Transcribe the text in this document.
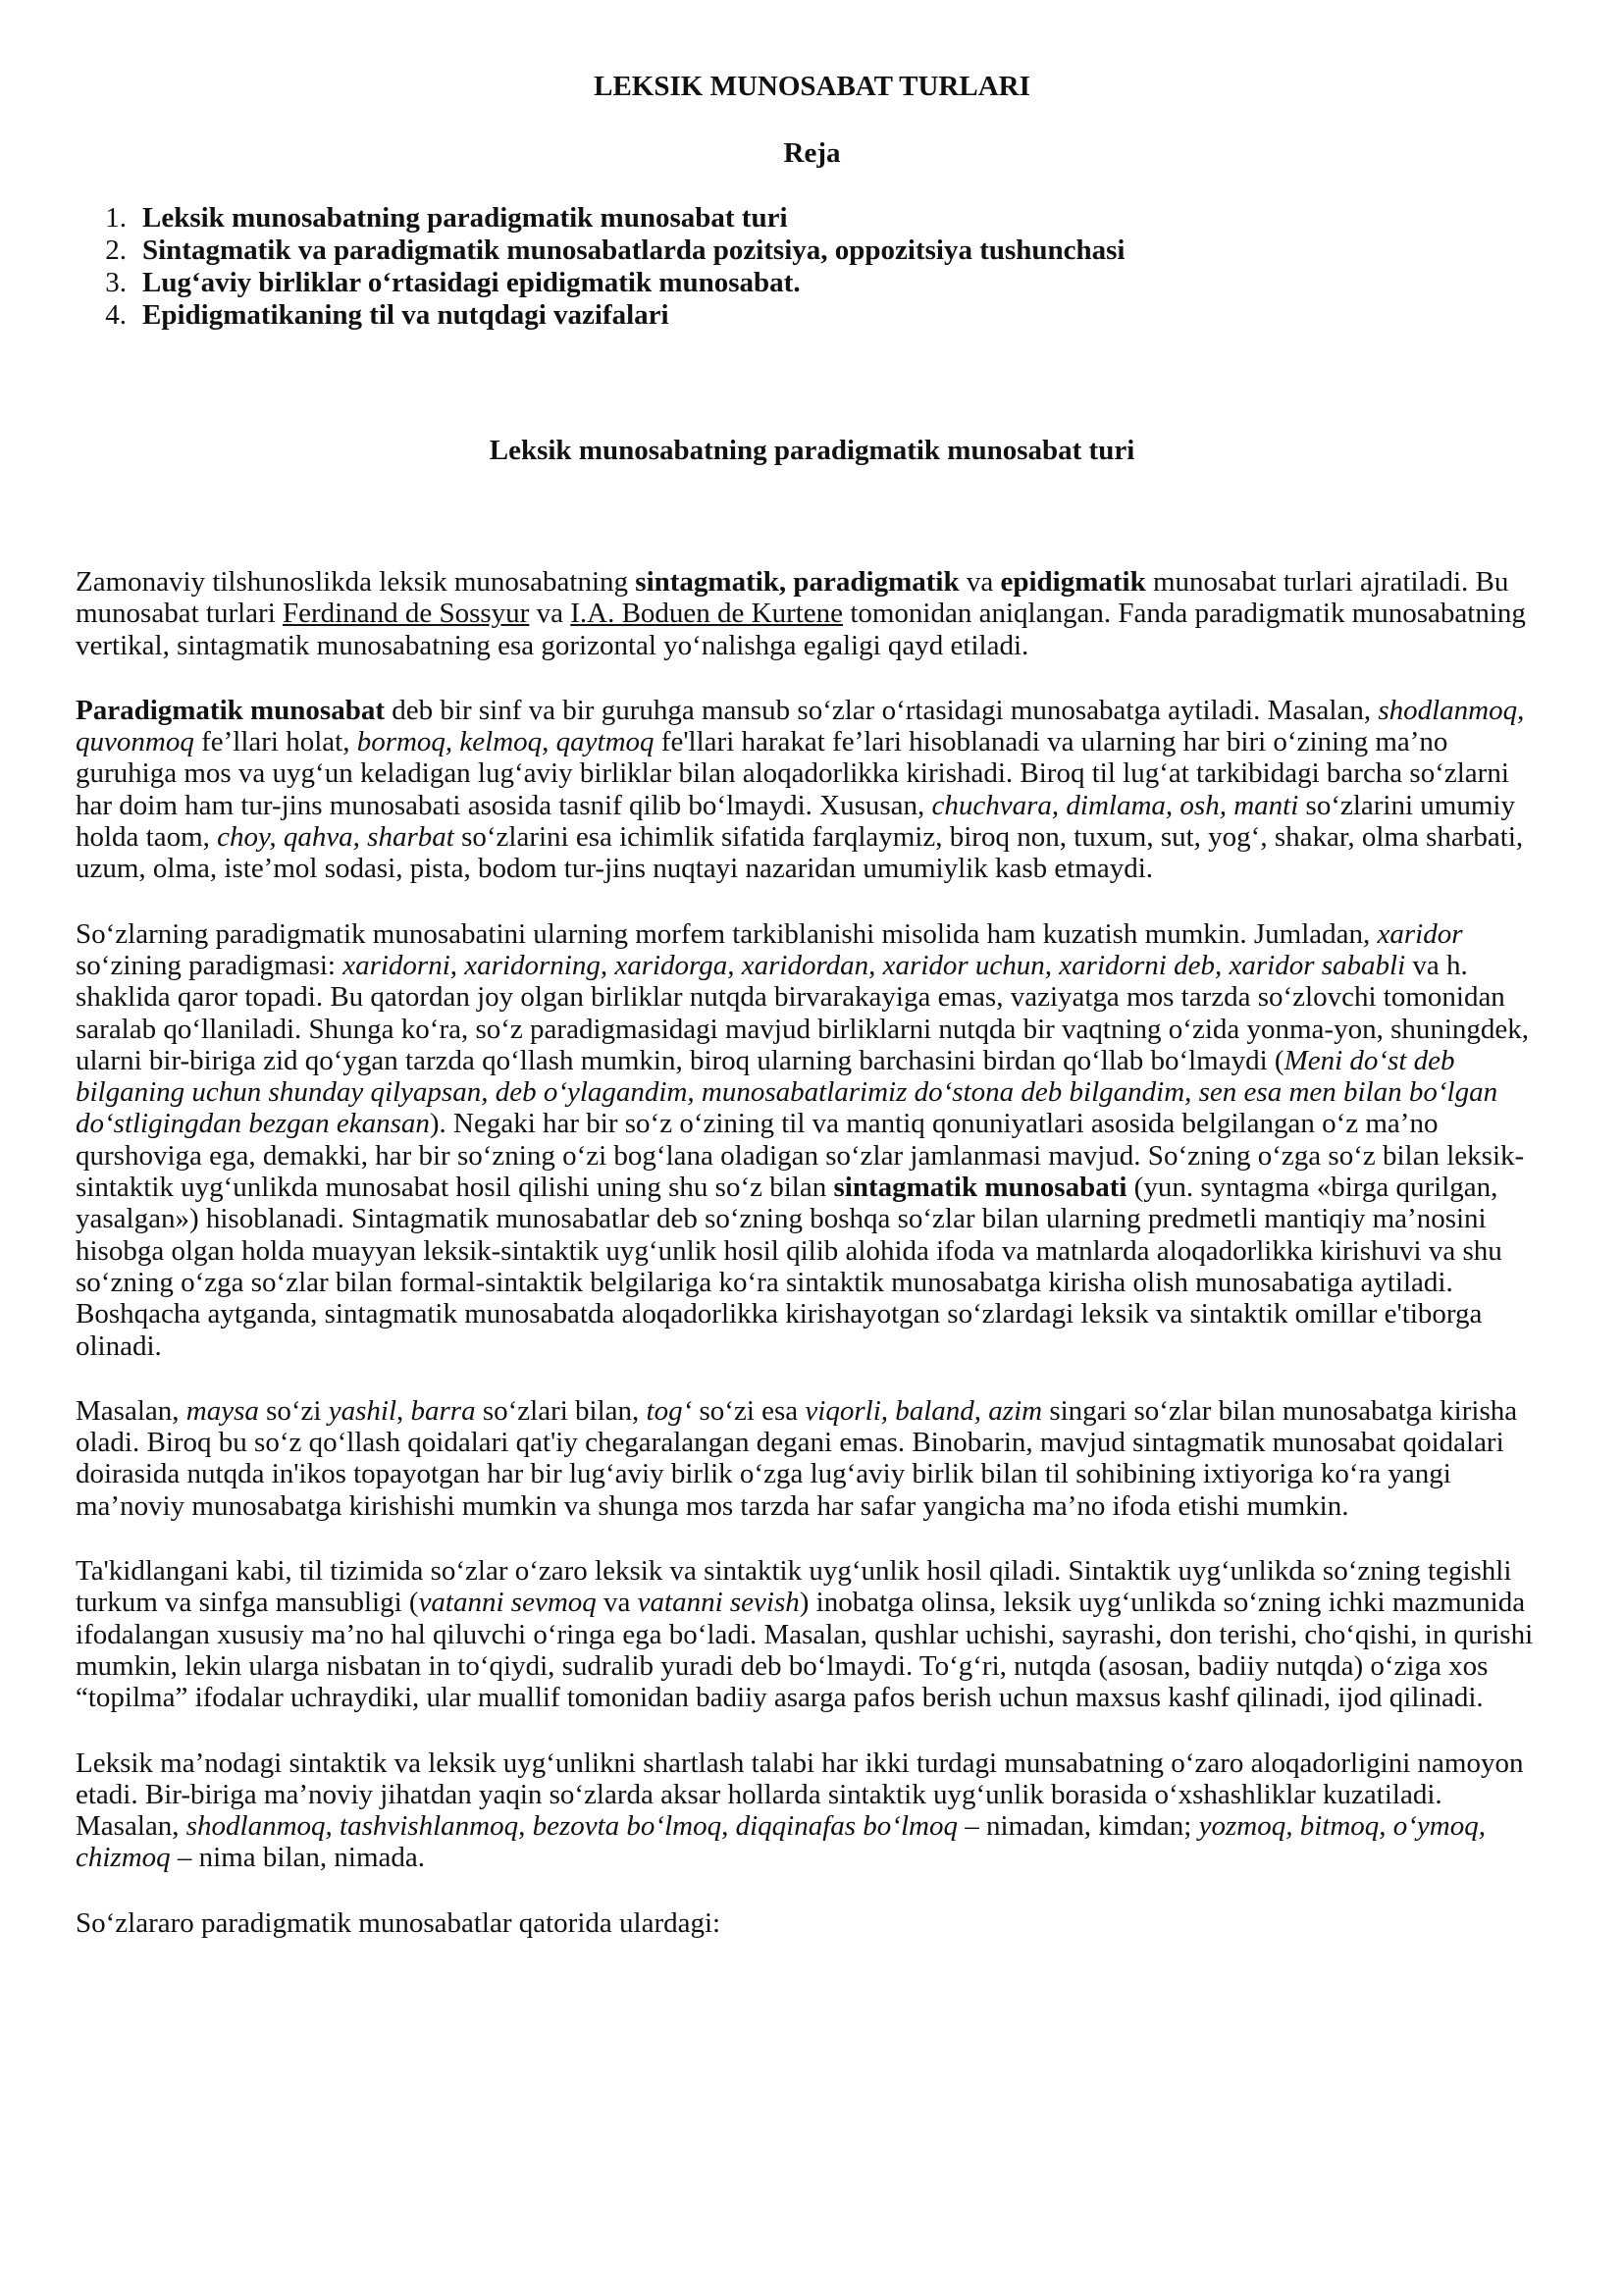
LEKSIK MUNOSABAT TURLARI
Reja
1. Leksik munosabatning paradigmatik munosabat turi
2. Sintagmatik va paradigmatik munosabatlarda pozitsiya, oppozitsiya tushunchasi
3. Lug‘aviy birliklar o‘rtasidagi epidigmatik munosabat.
4. Epidigmatikaning til va nutqdagi vazifalari
Leksik munosabatning paradigmatik munosabat turi

Zamonaviy tilshunoslikda leksik munosabatning sintagmatik, paradigmatik va epidigmatik munosabat turlari ajratiladi. Bu munosabat turlari Ferdinand de Sossyur va I.A. Boduen de Kurtene tomonidan aniqlangan. Fanda paradigmatik munosabatning vertikal, sintagmatik munosabatning esa gorizontal yo‘nalishga egaligi qayd etiladi.

Paradigmatik munosabat deb bir sinf va bir guruhga mansub so‘zlar o‘rtasidagi munosabatga aytiladi. Masalan, shodlanmoq, quvonmoq fe’llari holat, bormoq, kelmoq, qaytmoq fe'llari harakat fe’lari hisoblanadi va ularning har biri o‘zining ma’no guruhiga mos va uyg‘un keladigan lug‘aviy birliklar bilan aloqadorlikka kirishadi. Biroq til lug‘at tarkibidagi barcha so‘zlarni har doim ham tur-jins munosabati asosida tasnif qilib bo‘lmaydi. Xususan, chuchvara, dimlama, osh, manti so‘zlarini umumiy holda taom, choy, qahva, sharbat so‘zlarini esa ichimlik sifatida farqlaymiz, biroq non, tuxum, sut, yog‘, shakar, olma sharbati, uzum, olma, iste’mol sodasi, pista, bodom tur-jins nuqtayi nazaridan umumiylik kasb etmaydi.

So‘zlarning paradigmatik munosabatini ularning morfem tarkiblanishi misolida ham kuzatish mumkin. Jumladan, xaridor so‘zining paradigmasi: xaridorni, xaridorning, xaridorga, xaridordan, xaridor uchun, xaridorni deb, xaridor sababli va h. shaklida qaror topadi. Bu qatordan joy olgan birliklar nutqda birvarakayiga emas, vaziyatga mos tarzda so‘zlovchi tomonidan saralab qo‘llaniladi. Shunga ko‘ra, so‘z paradigmasidagi mavjud birliklarni nutqda bir vaqtning o‘zida yonma-yon, shuningdek, ularni bir-biriga zid qo‘ygan tarzda qo‘llash mumkin, biroq ularning barchasini birdan qo‘llab bo‘lmaydi (Meni do‘st deb bilganing uchun shunday qilyapsan, deb o‘ylagandim, munosabatlarimiz do‘stona deb bilgandim, sen esa men bilan bo‘lgan do‘stligingdan bezgan ekansan). Negaki har bir so‘z o‘zining til va mantiq qonuniyatlari asosida belgilangan o‘z ma’no qurshoviga ega, demakki, har bir so‘zning o‘zi bog‘lana oladigan so‘zlar jamlanmasi mavjud. So‘zning o‘zga so‘z bilan leksik-sintaktik uyg‘unlikda munosabat hosil qilishi uning shu so‘z bilan sintagmatik munosabati (yun. syntagma «birga qurilgan, yasalgan») hisoblanadi. Sintagmatik munosabatlar deb so‘zning boshqa so‘zlar bilan ularning predmetli mantiqiy ma’nosini hisobga olgan holda muayyan leksik-sintaktik uyg‘unlik hosil qilib alohida ifoda va matnlarda aloqadorlikka kirishuvi va shu so‘zning o‘zga so‘zlar bilan formal-sintaktik belgilariga ko‘ra sintaktik munosabatga kirisha olish munosabatiga aytiladi. Boshqacha aytganda, sintagmatik munosabatda aloqadorlikka kirishayotgan so‘zlardagi leksik va sintaktik omillar e'tiborga olinadi.

Masalan, maysa so‘zi yashil, barra so‘zlari bilan, tog‘ so‘zi esa viqorli, baland, azim singari so‘zlar bilan munosabatga kirisha oladi. Biroq bu so‘z qo‘llash qoidalari qat'iy chegaralangan degani emas. Binobarin, mavjud sintagmatik munosabat qoidalari doirasida nutqda in'ikos topayotgan har bir lug‘aviy birlik o‘zga lug‘aviy birlik bilan til sohibining ixtiyoriga ko‘ra yangi ma’noviy munosabatga kirishishi mumkin va shunga mos tarzda har safar yangicha ma’no ifoda etishi mumkin.

Ta'kidlangani kabi, til tizimida so‘zlar o‘zaro leksik va sintaktik uyg‘unlik hosil qiladi. Sintaktik uyg‘unlikda so‘zning tegishli turkum va sinfga mansubligi (vatanni sevmoq va vatanni sevish) inobatga olinsa, leksik uyg‘unlikda so‘zning ichki mazmunida ifodalangan xususiy ma’no hal qiluvchi o‘ringa ega bo‘ladi. Masalan, qushlar uchishi, sayrashi, don terishi, cho‘qishi, in qurishi mumkin, lekin ularga nisbatan in to‘qiydi, sudralib yuradi deb bo‘lmaydi. To‘g‘ri, nutqda (asosan, badiiy nutqda) o‘ziga xos “topilma” ifodalar uchraydiki, ular muallif tomonidan badiiy asarga pafos berish uchun maxsus kashf qilinadi, ijod qilinadi.

Leksik ma’nodagi sintaktik va leksik uyg‘unlikni shartlash talabi har ikki turdagi munsabatning o‘zaro aloqadorligini namoyon etadi. Bir-biriga ma’noviy jihatdan yaqin so‘zlarda aksar hollarda sintaktik uyg‘unlik borasida o‘xshashliklar kuzatiladi. Masalan, shodlanmoq, tashvishlanmoq, bezovta bo‘lmoq, diqqinafas bo‘lmoq – nimadan, kimdan; yozmoq, bitmoq, o‘ymoq, chizmoq – nima bilan, nimada.

So‘zlararo paradigmatik munosabatlar qatorida ulardagi:
